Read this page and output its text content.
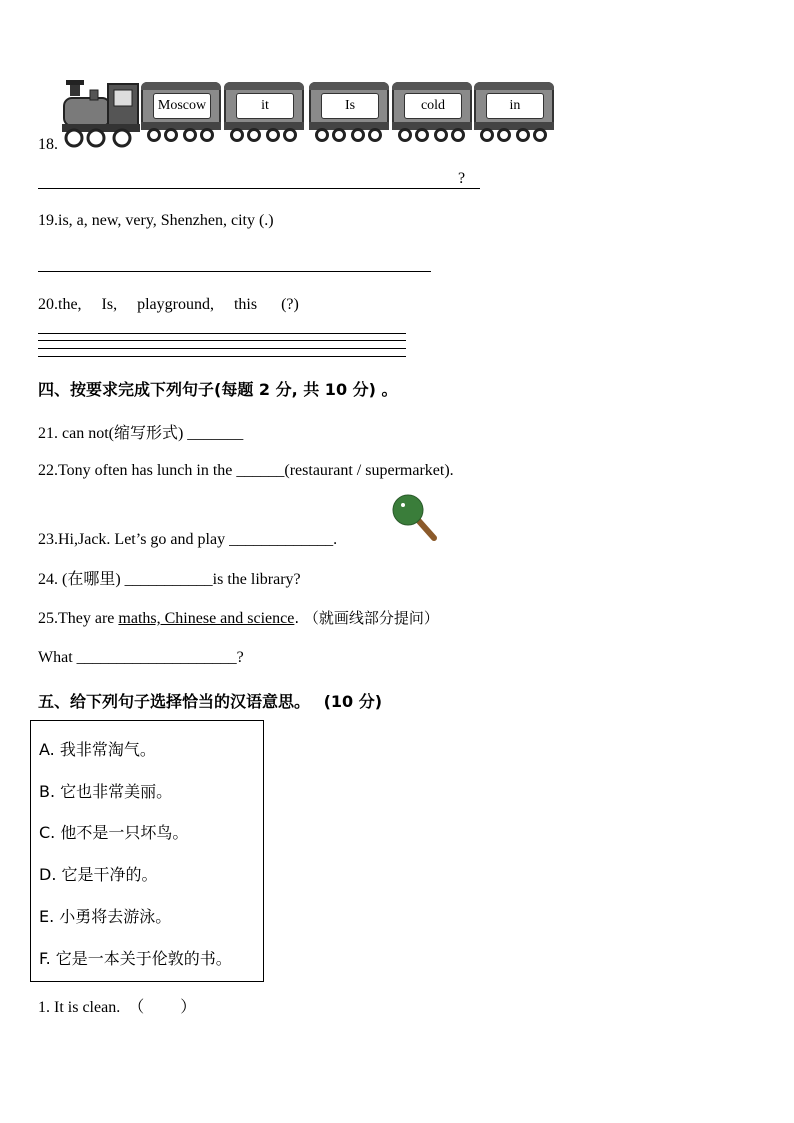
Moscow	it	Is	cold	in
18.
?
19.is, a, new, very, Shenzhen, city (.)
20.the,     Is,     playground,     this      (?)
四、按要求完成下列句子(每题 2 分, 共 10 分) 。
21. can not(缩写形式) _______
22.Tony often has lunch in the ______(restaurant / supermarket).
23.Hi,Jack. Let’s go and play _____________.
24. (在哪里) ___________is the library?
25.They are maths, Chinese and science. （就画线部分提问）
What ____________________?
五、给下列句子选择恰当的汉语意思。 (10 分)
A. 我非常淘气。
B. 它也非常美丽。
C. 他不是一只坏鸟。
D. 它是干净的。
E. 小勇将去游泳。
F. 它是一本关于伦敦的书。
1. It is clean.  （         ）
